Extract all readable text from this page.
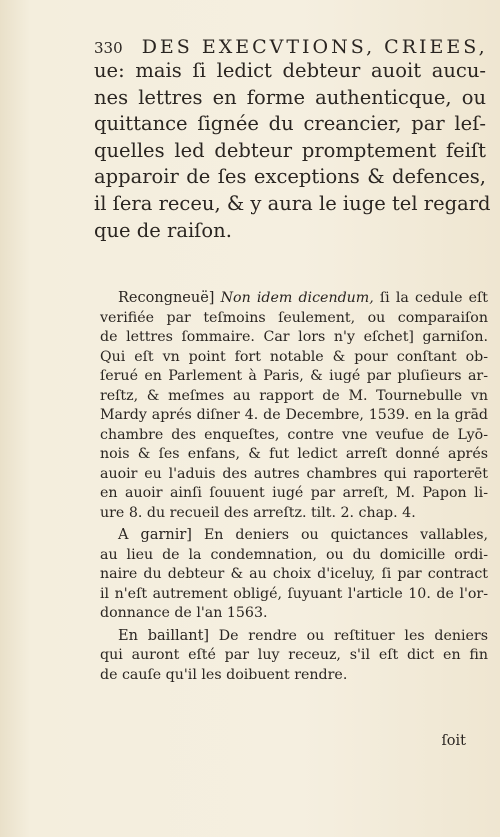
330 DES EXECVTIONS, CRIEES,
ue: mais ſi ledict debteur auoit aucu-
nes lettres en forme authenticque, ou
quittance ſignée du creancier, par leſ-
quelles led debteur promptement feiſt
apparoir de ſes exceptions & defences,
il ſera receu, & y aura le iuge tel regard
que de raiſon.
Recongneuë] Non idem dicendum, ſi la cedule eſt
verifiée par teſmoins ſeulement, ou comparaiſon
de lettres ſommaire. Car lors n'y eſchet] garniſon.
Qui eſt vn point fort notable & pour conſtant ob-
ſerué en Parlement à Paris, & iugé par pluſieurs ar-
reſtz, & meſmes au rapport de M. Tournebulle vn
Mardy aprés diſner 4. de Decembre, 1539. en la grād
chambre des enqueſtes, contre vne veufue de Lyō-
nois & ſes enfans, & fut ledict arreſt donné aprés
auoir eu l'aduis des autres chambres qui raporterēt
en auoir ainſi ſouuent iugé par arreſt, M. Papon li-
ure 8. du recueil des arreſtz. tilt. 2. chap. 4.
A garnir] En deniers ou quictances vallables,
au lieu de la condemnation, ou du domicille ordi-
naire du debteur & au choix d'iceluy, ſi par contract
il n'eſt autrement obligé, ſuyuant l'article 10. de l'or-
donnance de l'an 1563.
En baillant] De rendre ou reſtituer les deniers
qui auront eſté par luy receuz, s'il eſt dict en fin
de cauſe qu'il les doibuent rendre.
ſoit
